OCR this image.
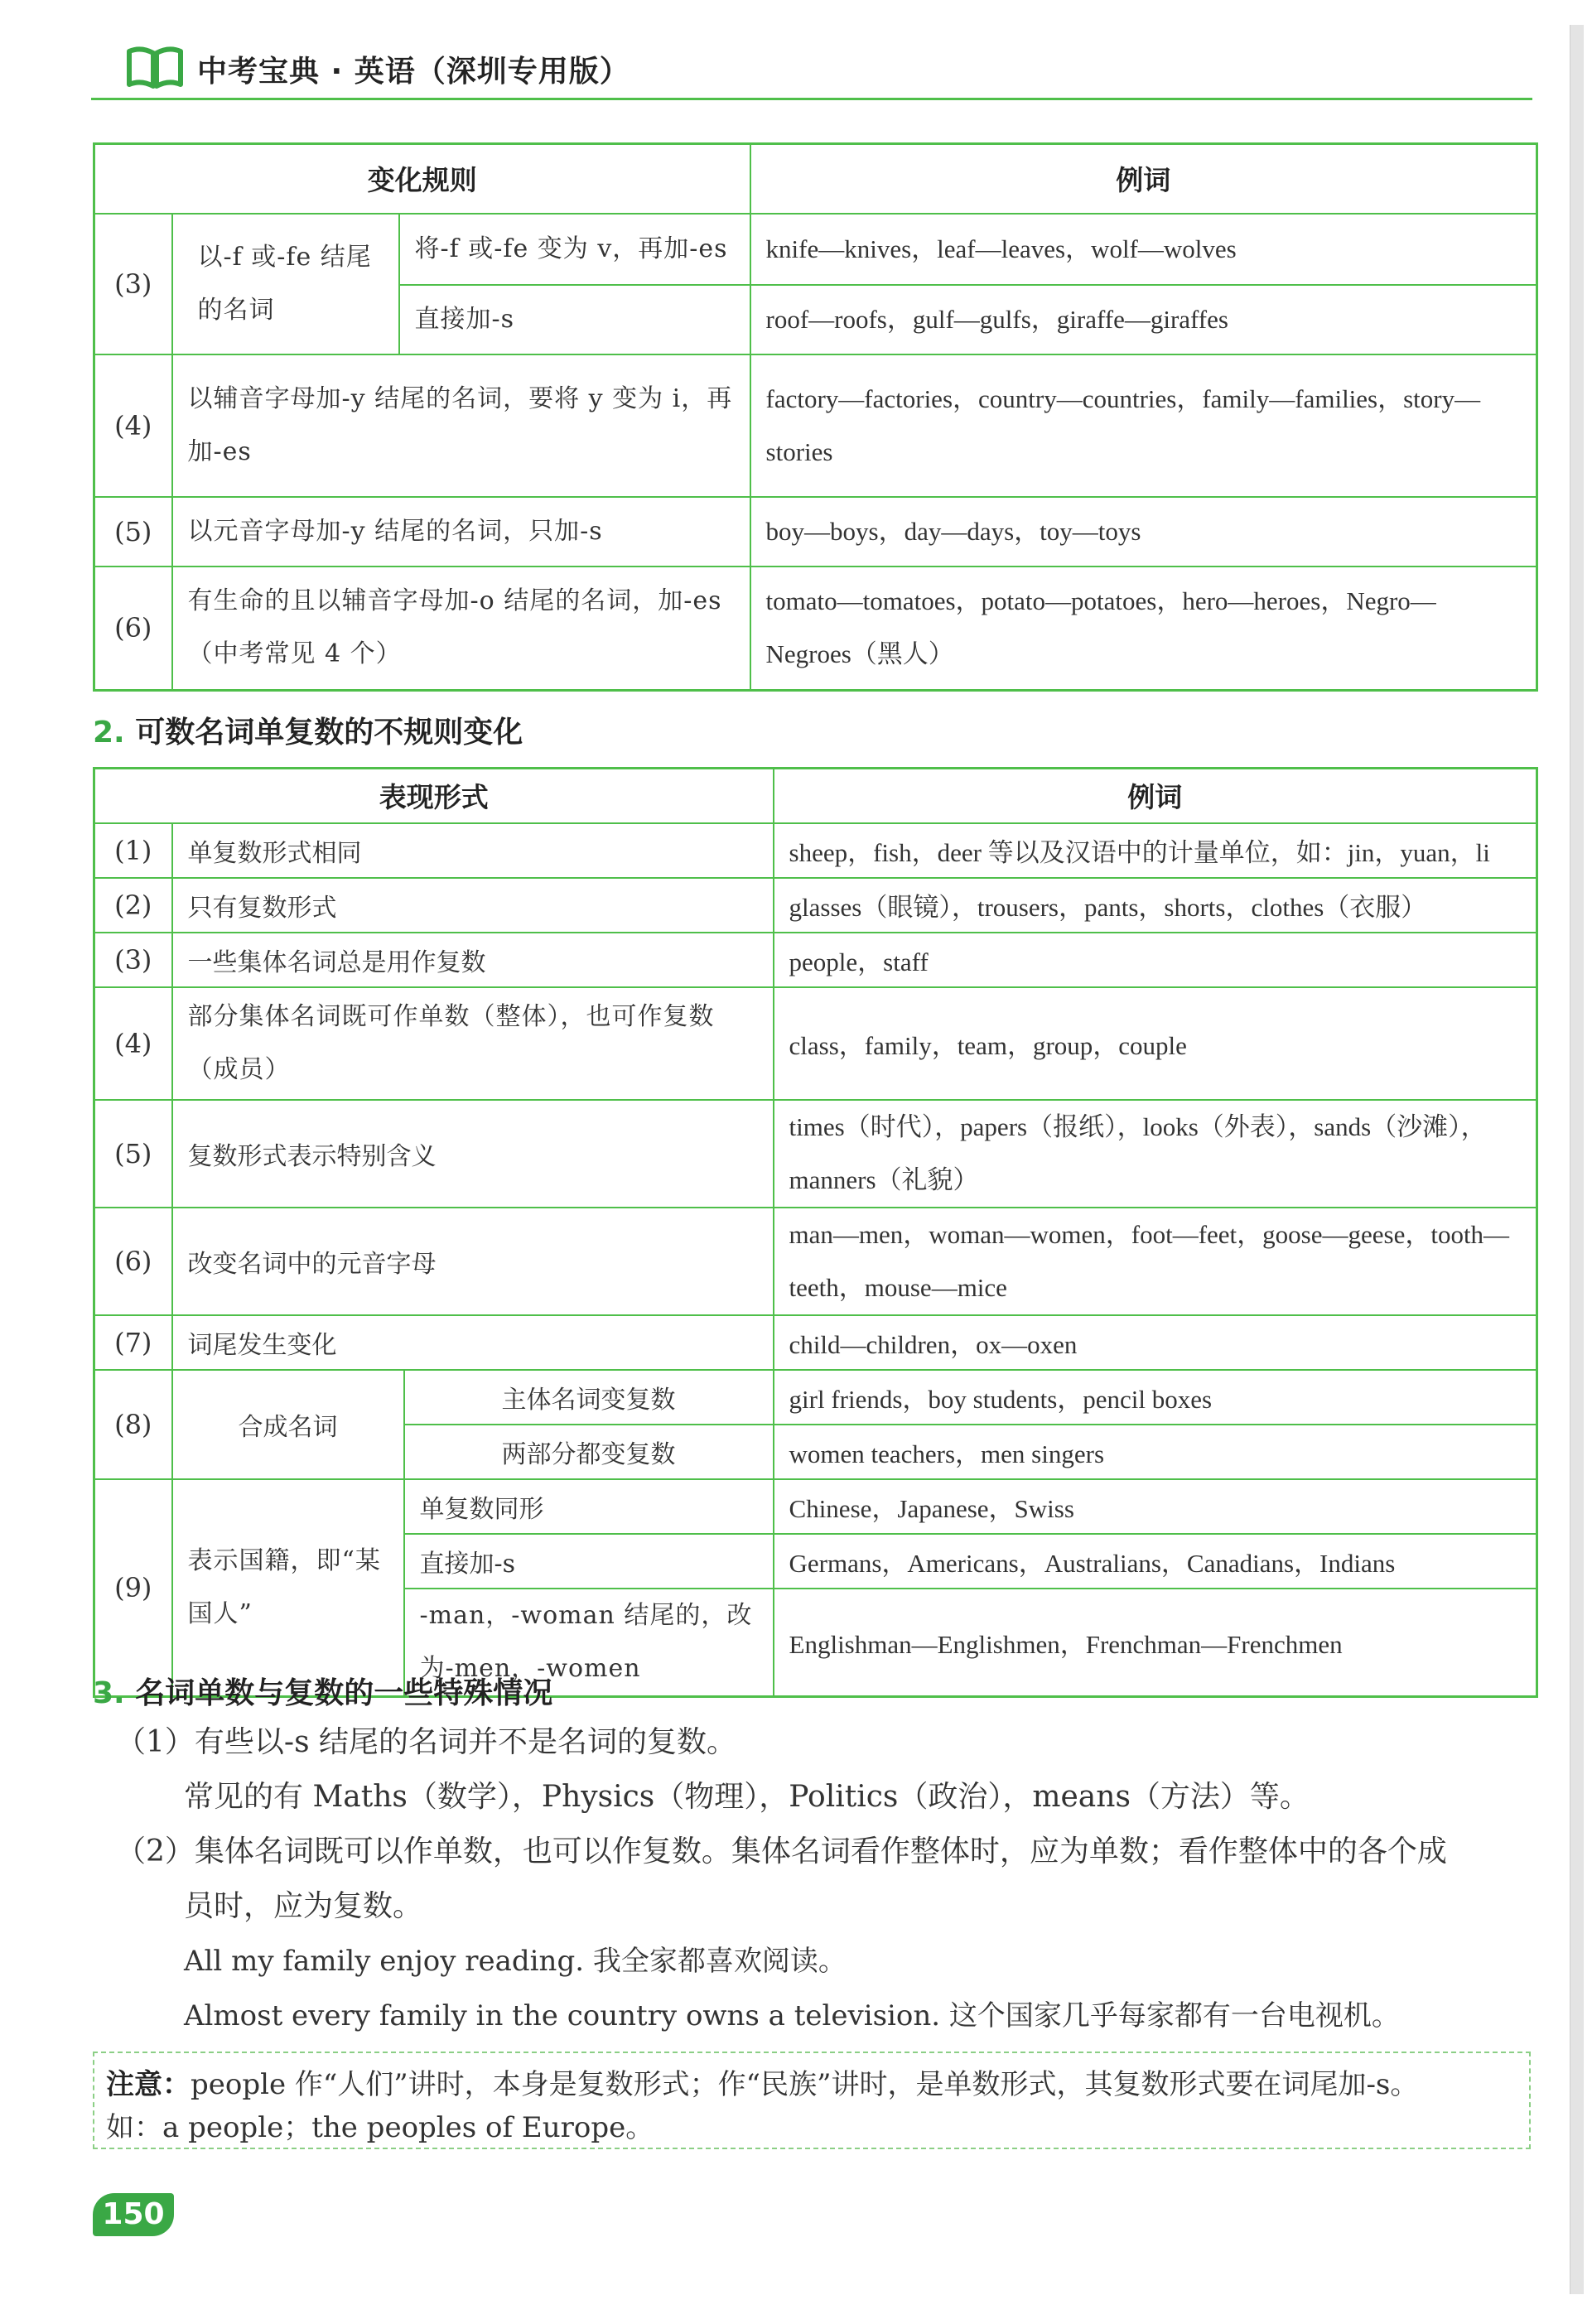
中考宝典 · 英语（深圳专用版）
变化规则			例词
(3)	以-f 或-fe 结尾的名词	将-f 或-fe 变为 v，再加-es	knife—knives，leaf—leaves，wolf—wolves
		直接加-s	roof—roofs，gulf—gulfs，giraffe—giraffes
(4)	以辅音字母加-y 结尾的名词，要将 y 变为 i，再加-es		factory—factories，country—countries，family—families，story—stories
(5)	以元音字母加-y 结尾的名词，只加-s		boy—boys，day—days，toy—toys
(6)	有生命的且以辅音字母加-o 结尾的名词，加-es（中考常见 4 个）		tomato—tomatoes，potato—potatoes，hero—heroes，Negro—Negroes（黑人）
2. 可数名词单复数的不规则变化
表现形式			例词
(1)	单复数形式相同		sheep，fish，deer 等以及汉语中的计量单位，如：jin，yuan，li
(2)	只有复数形式		glasses（眼镜），trousers，pants，shorts，clothes（衣服）
(3)	一些集体名词总是用作复数		people，staff
(4)	部分集体名词既可作单数（整体），也可作复数（成员）		class，family，team，group，couple
(5)	复数形式表示特别含义		times（时代），papers（报纸），looks（外表），sands（沙滩），manners（礼貌）
(6)	改变名词中的元音字母		man—men，woman—women，foot—feet，goose—geese，tooth—teeth，mouse—mice
(7)	词尾发生变化		child—children，ox—oxen
(8)	合成名词	主体名词变复数	girl friends，boy students，pencil boxes
		两部分都变复数	women teachers，men singers
(9)	表示国籍，即“某国人”	单复数同形	Chinese，Japanese，Swiss
		直接加-s	Germans，Americans，Australians，Canadians，Indians
		-man，-woman 结尾的，改为-men，-women	Englishman—Englishmen，Frenchman—Frenchmen
3. 名词单数与复数的一些特殊情况
（1）有些以-s 结尾的名词并不是名词的复数。
常见的有 Maths（数学），Physics（物理），Politics（政治），means（方法）等。
（2）集体名词既可以作单数，也可以作复数。集体名词看作整体时，应为单数；看作整体中的各个成
员时，应为复数。
All my family enjoy reading. 我全家都喜欢阅读。
Almost every family in the country owns a television. 这个国家几乎每家都有一台电视机。
注意：people 作“人们”讲时，本身是复数形式；作“民族”讲时，是单数形式，其复数形式要在词尾加-s。
如：a people；the peoples of Europe。
150
